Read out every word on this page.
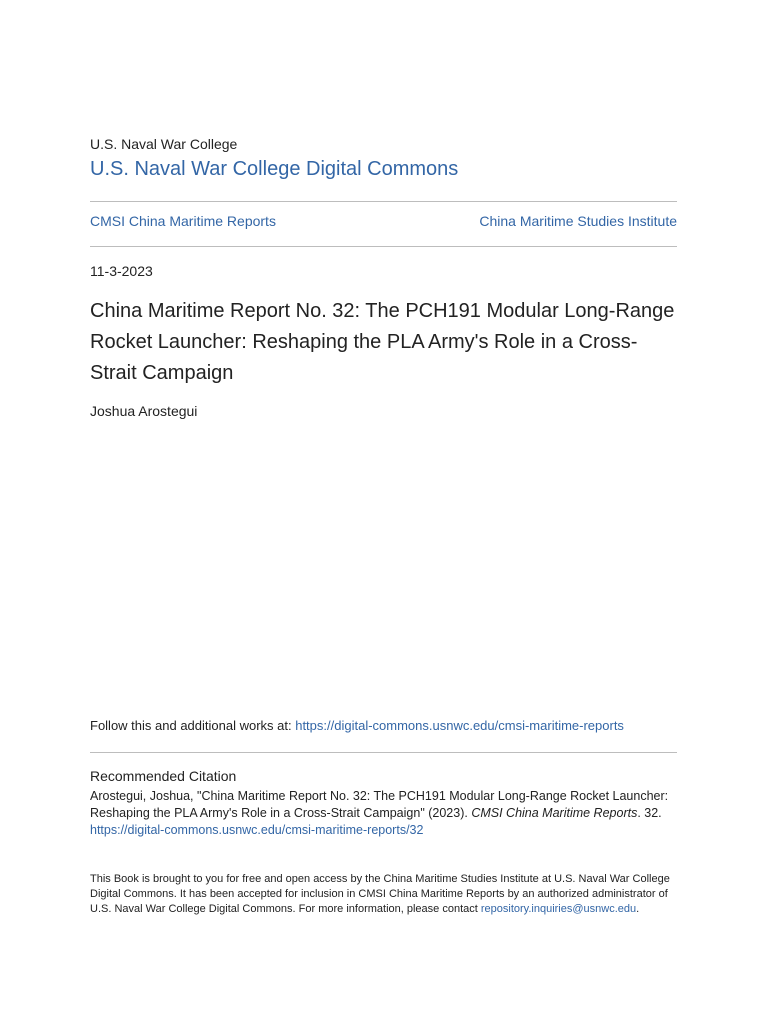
U.S. Naval War College
U.S. Naval War College Digital Commons
CMSI China Maritime Reports	China Maritime Studies Institute
11-3-2023
China Maritime Report No. 32: The PCH191 Modular Long-Range Rocket Launcher: Reshaping the PLA Army's Role in a Cross-Strait Campaign
Joshua Arostegui
Follow this and additional works at: https://digital-commons.usnwc.edu/cmsi-maritime-reports
Recommended Citation
Arostegui, Joshua, "China Maritime Report No. 32: The PCH191 Modular Long-Range Rocket Launcher: Reshaping the PLA Army's Role in a Cross-Strait Campaign" (2023). CMSI China Maritime Reports. 32.
https://digital-commons.usnwc.edu/cmsi-maritime-reports/32
This Book is brought to you for free and open access by the China Maritime Studies Institute at U.S. Naval War College Digital Commons. It has been accepted for inclusion in CMSI China Maritime Reports by an authorized administrator of U.S. Naval War College Digital Commons. For more information, please contact repository.inquiries@usnwc.edu.
